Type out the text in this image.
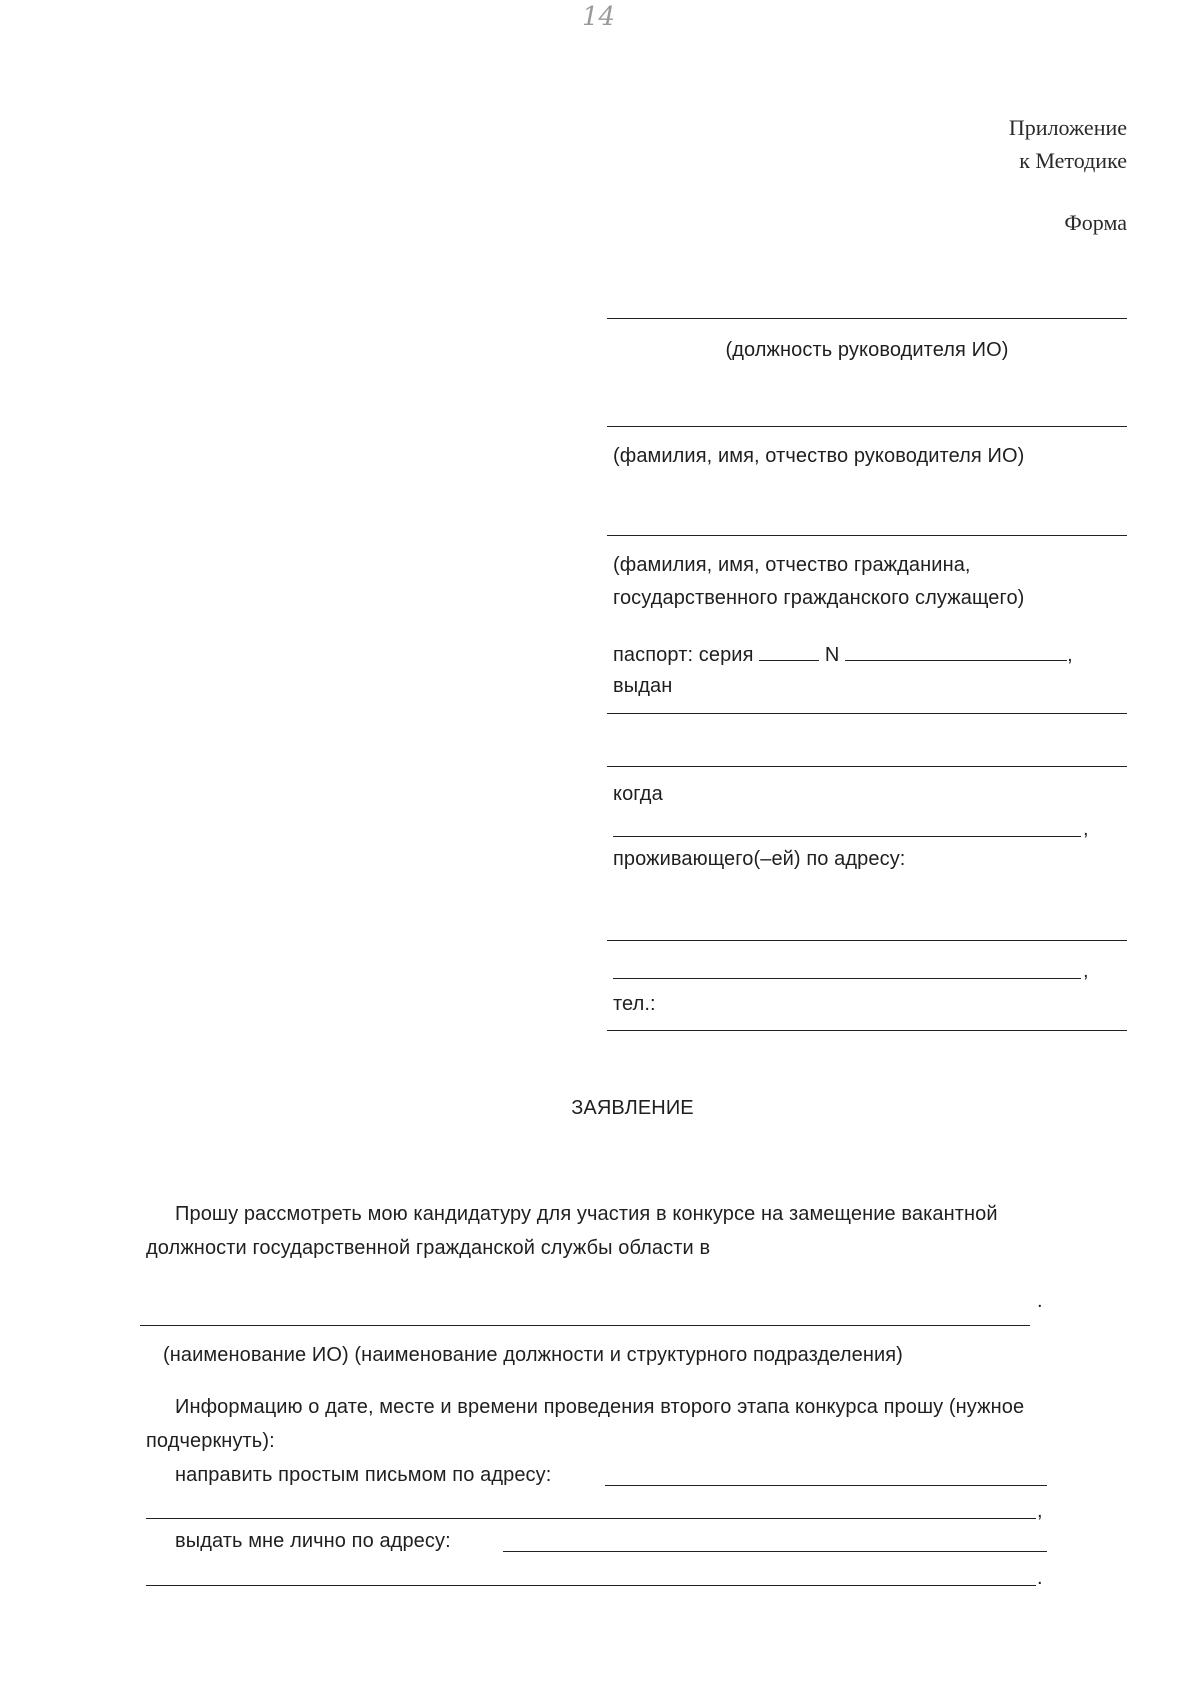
14
Приложение
к Методике
Форма
(должность руководителя ИО)
(фамилия, имя, отчество руководителя ИО)
(фамилия, имя, отчество гражданина,
государственного гражданского служащего)
паспорт: серия	N	,
выдан
когда
,
проживающего(–ей) по адресу:
,
тел.:
ЗАЯВЛЕНИЕ
Прошу рассмотреть мою кандидатуру для участия в конкурсе на замещение вакантной
должности государственной гражданской службы области в
.
(наименование ИО) (наименование должности и структурного подразделения)
Информацию о дате, месте и времени проведения второго этапа конкурса прошу (нужное
подчеркнуть):
направить простым письмом по адресу:
,
выдать мне лично по адресу:
.
